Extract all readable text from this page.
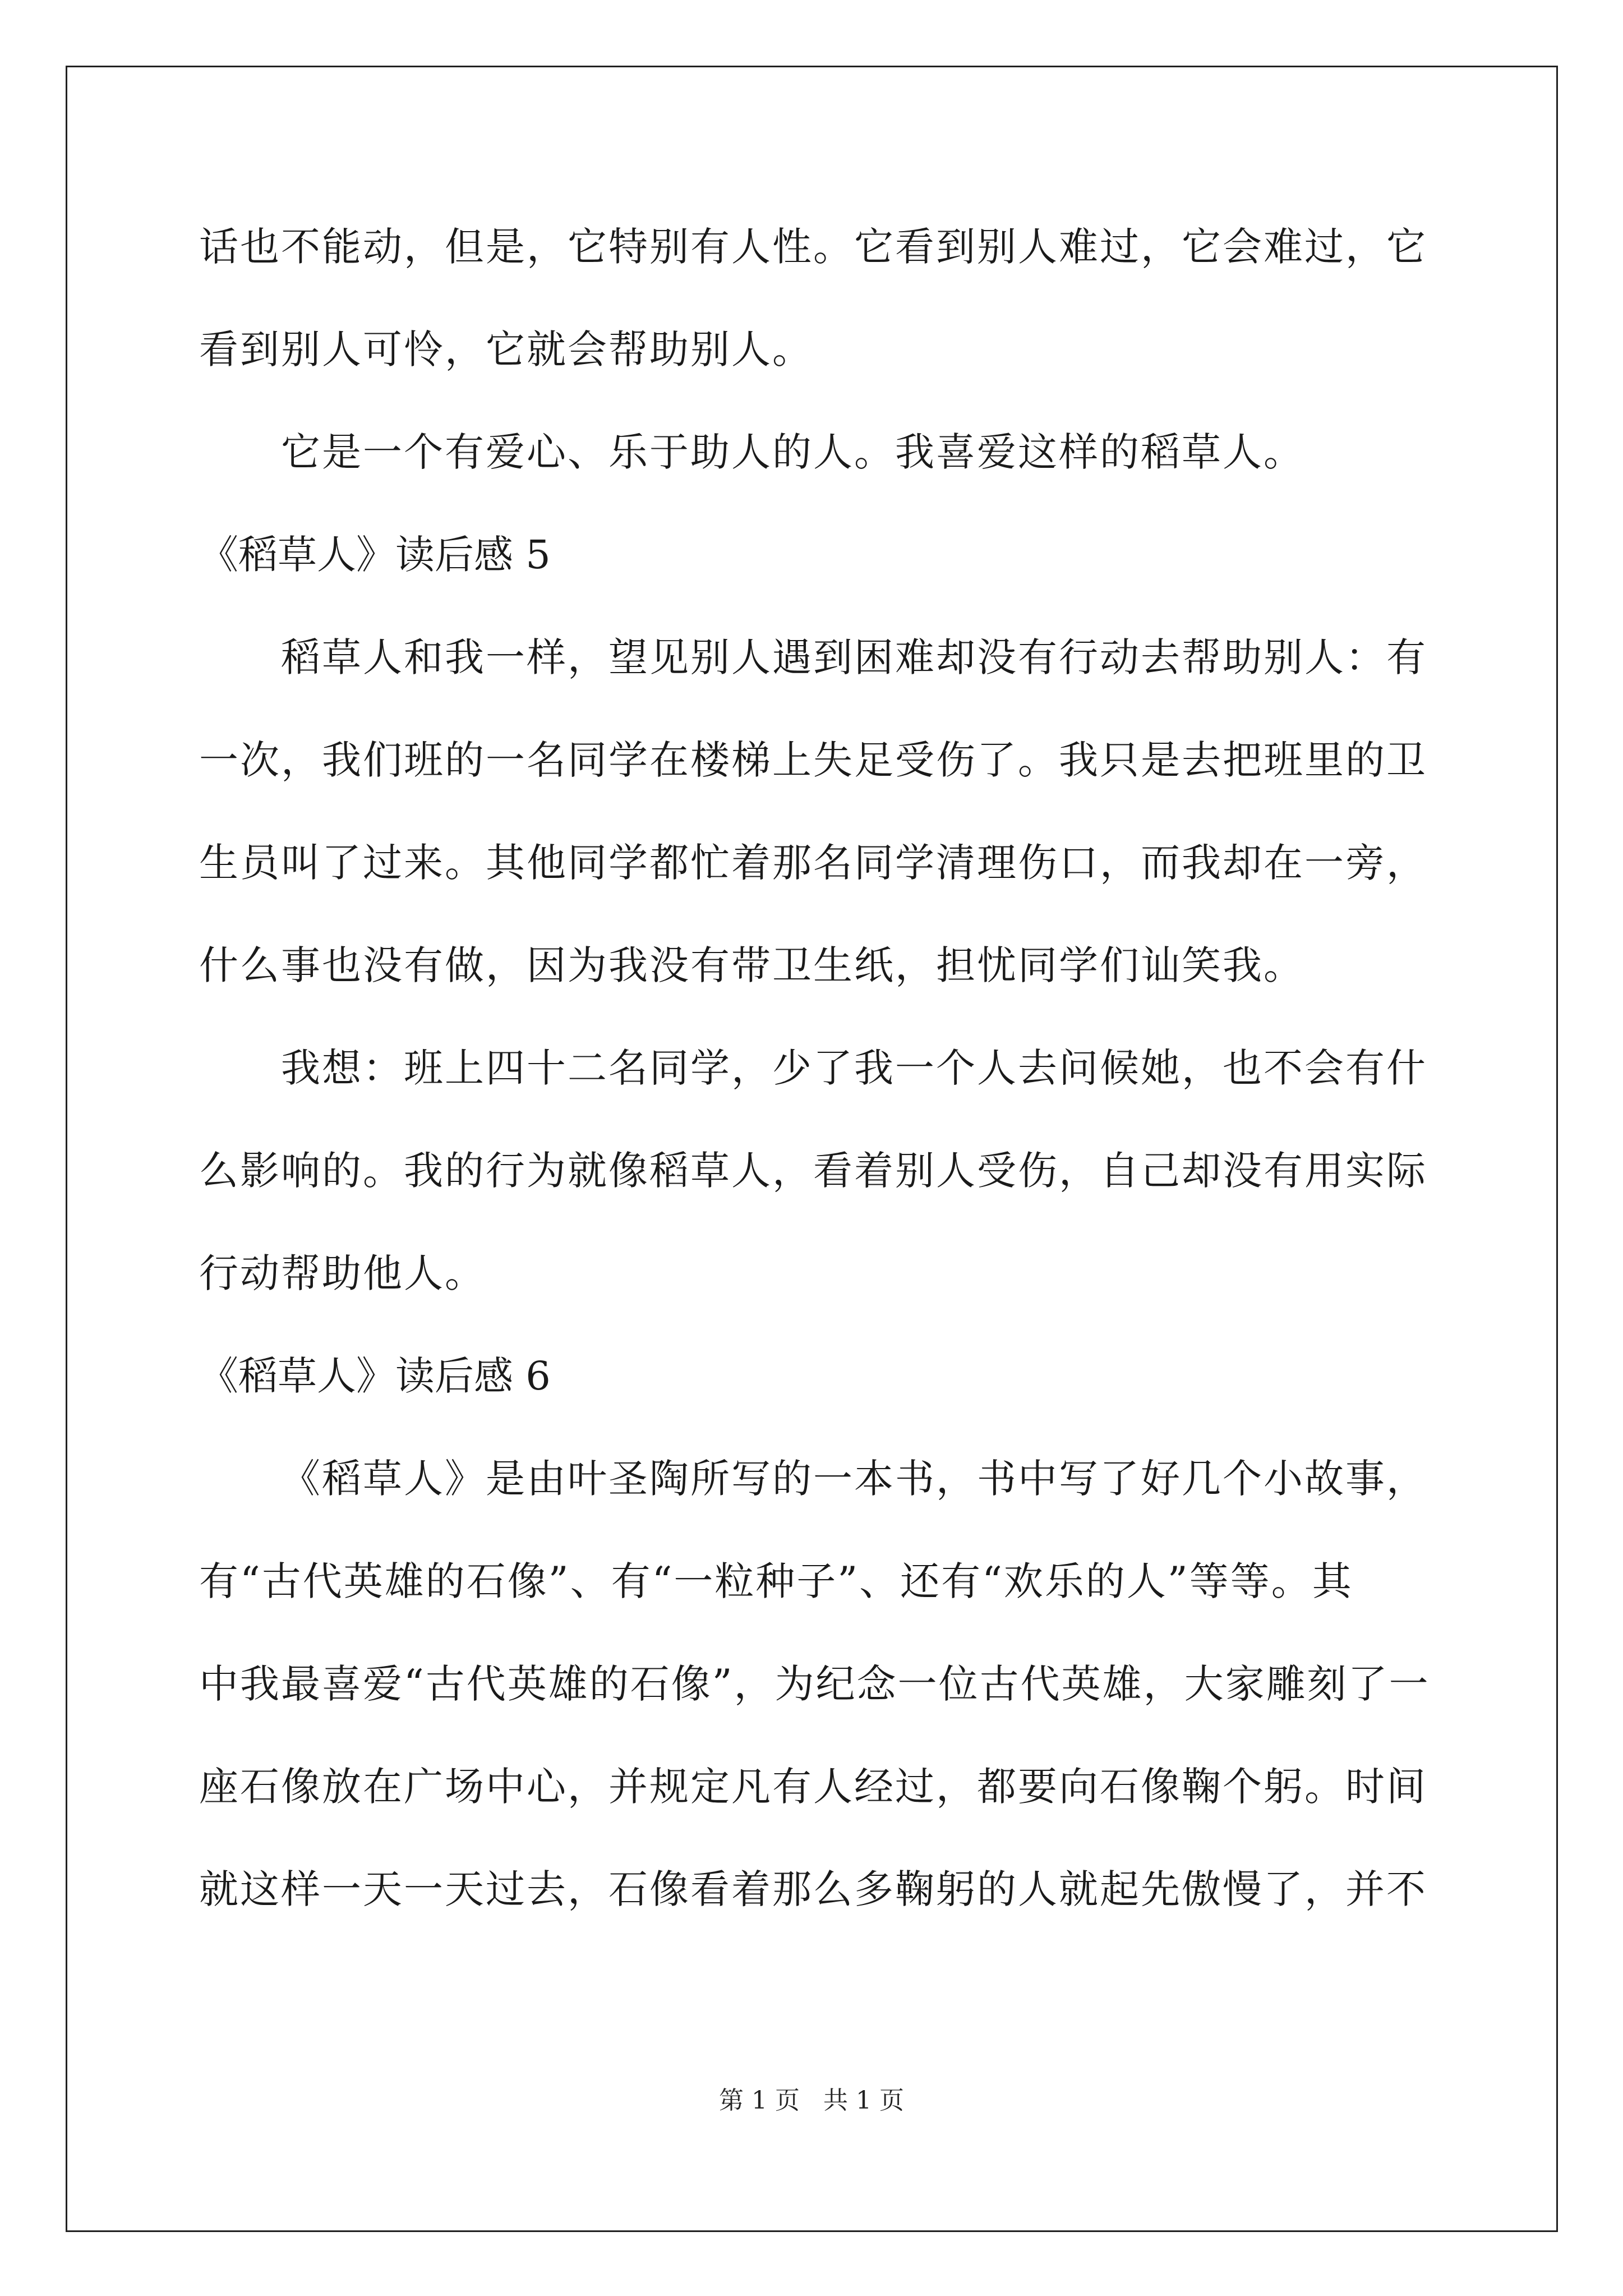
话也不能动，但是，它特别有人性。它看到别人难过，它会难过，它
看到别人可怜，它就会帮助别人。
它是一个有爱心、乐于助人的人。我喜爱这样的稻草人。
《稻草人》读后感 5
稻草人和我一样，望见别人遇到困难却没有行动去帮助别人：有
一次，我们班的一名同学在楼梯上失足受伤了。我只是去把班里的卫
生员叫了过来。其他同学都忙着那名同学清理伤口，而我却在一旁，
什么事也没有做，因为我没有带卫生纸，担忧同学们讪笑我。
我想：班上四十二名同学，少了我一个人去问候她，也不会有什
么影响的。我的行为就像稻草人，看着别人受伤，自己却没有用实际
行动帮助他人。
《稻草人》读后感 6
《稻草人》是由叶圣陶所写的一本书，书中写了好几个小故事，
有“古代英雄的石像”、有“一粒种子”、还有“欢乐的人”等等。其
中我最喜爱“古代英雄的石像”，为纪念一位古代英雄，大家雕刻了一
座石像放在广场中心，并规定凡有人经过，都要向石像鞠个躬。时间
就这样一天一天过去，石像看着那么多鞠躬的人就起先傲慢了，并不
第 1 页   共 1 页
